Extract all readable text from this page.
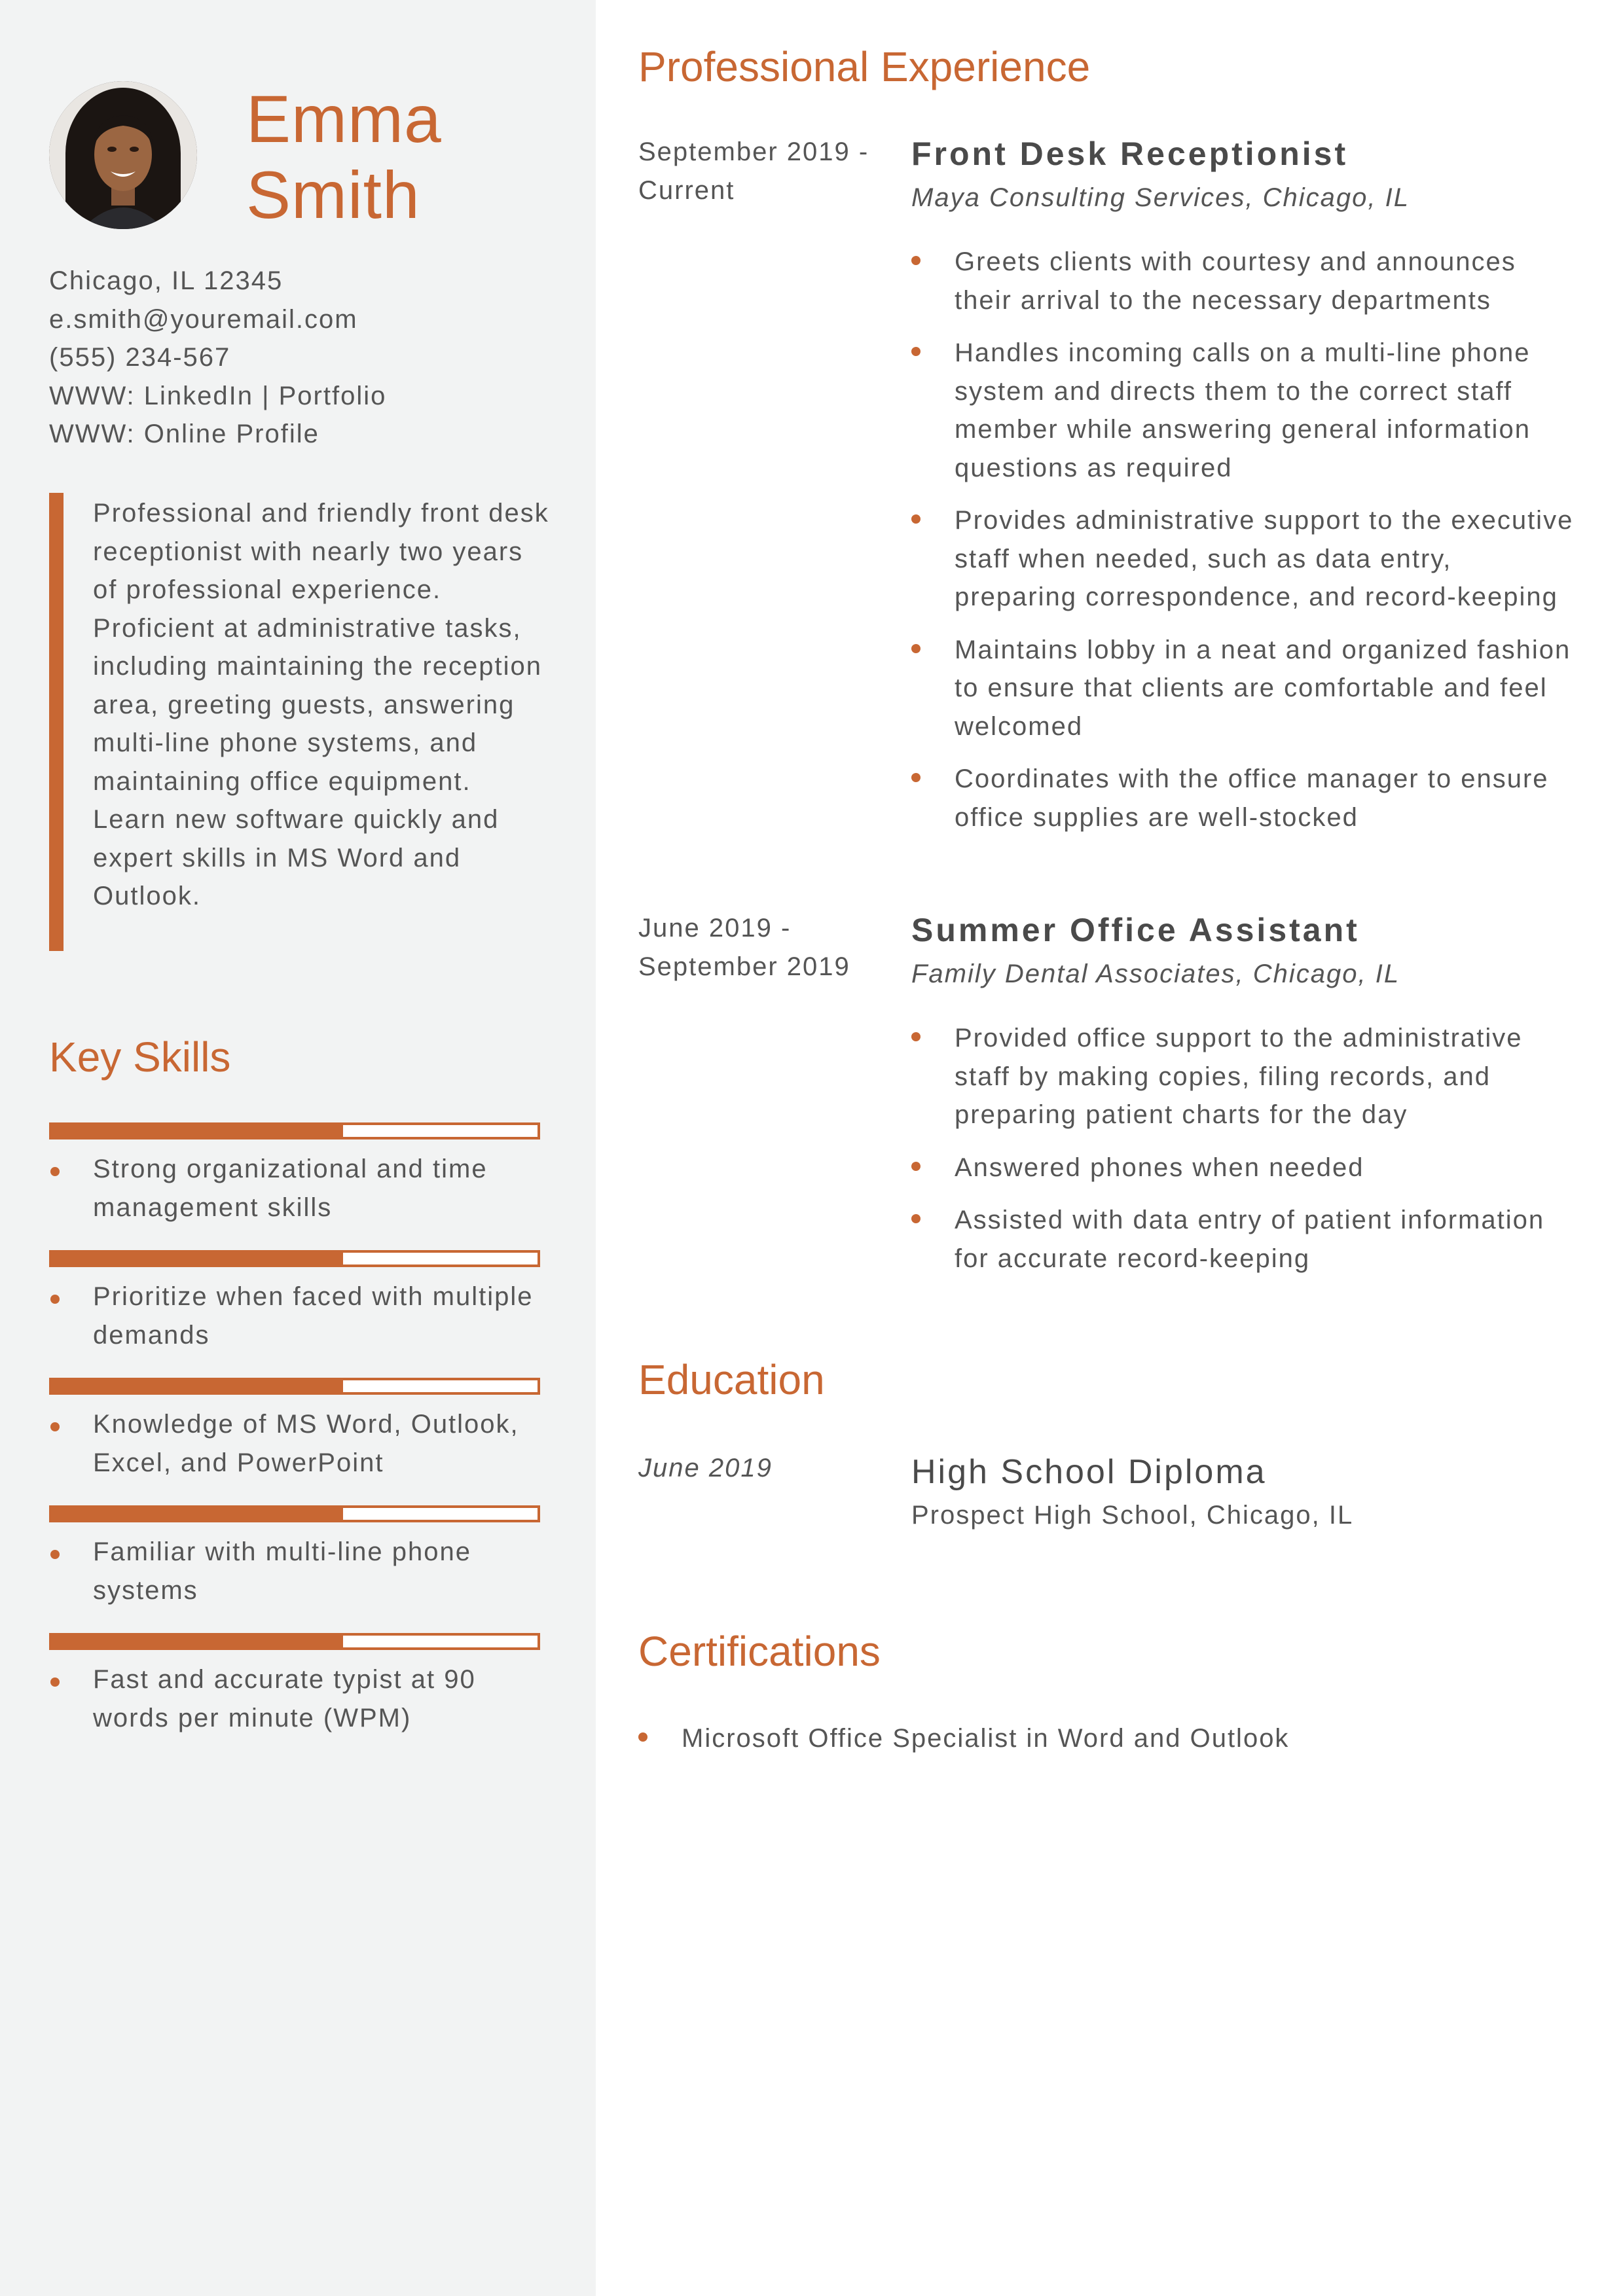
Emma
Smith
Chicago, IL 12345
e.smith@youremail.com
(555) 234-567
WWW: LinkedIn | Portfolio
WWW: Online Profile
Professional and friendly front desk receptionist with nearly two years of professional experience. Proficient at administrative tasks, including maintaining the reception area, greeting guests, answering multi-line phone systems, and maintaining office equipment. Learn new software quickly and expert skills in MS Word and Outlook.
Key Skills
Strong organizational and time management skills
Prioritize when faced with multiple demands
Knowledge of MS Word, Outlook, Excel, and PowerPoint
Familiar with multi-line phone systems
Fast and accurate typist at 90 words per minute (WPM)
Professional Experience
September 2019 - Current
Front Desk Receptionist
Maya Consulting Services, Chicago, IL
Greets clients with courtesy and announces their arrival to the necessary departments
Handles incoming calls on a multi-line phone system and directs them to the correct staff member while answering general information questions as required
Provides administrative support to the executive staff when needed, such as data entry, preparing correspondence, and record-keeping
Maintains lobby in a neat and organized fashion to ensure that clients are comfortable and feel welcomed
Coordinates with the office manager to ensure office supplies are well-stocked
June 2019 - September 2019
Summer Office Assistant
Family Dental Associates, Chicago, IL
Provided office support to the administrative staff by making copies, filing records, and preparing patient charts for the day
Answered phones when needed
Assisted with data entry of patient information for accurate record-keeping
Education
June 2019	High School Diploma
Prospect High School, Chicago, IL
Certifications
Microsoft Office Specialist in Word and Outlook
